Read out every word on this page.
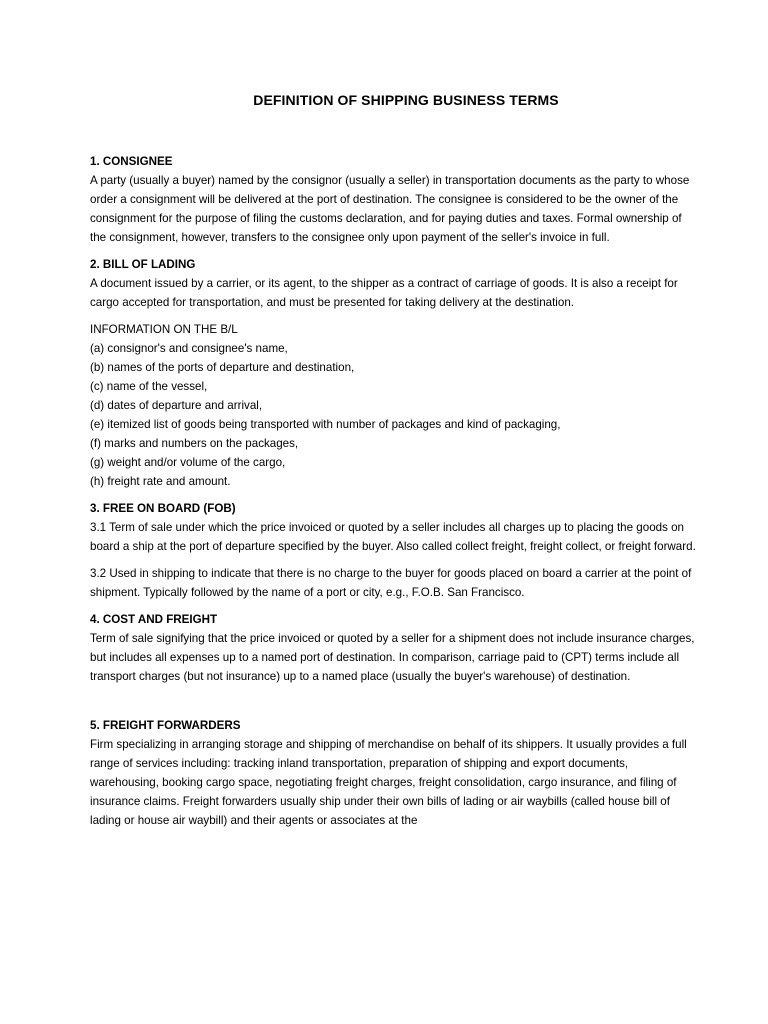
DEFINITION OF SHIPPING BUSINESS TERMS
1. CONSIGNEE

A party (usually a buyer) named by the consignor (usually a seller) in transportation documents as the party to whose order a consignment will be delivered at the port of destination. The consignee is considered to be the owner of the consignment for the purpose of filing the customs declaration, and for paying duties and taxes. Formal ownership of the consignment, however, transfers to the consignee only upon payment of the seller's invoice in full.

2. BILL OF LADING

A document issued by a carrier, or its agent, to the shipper as a contract of carriage of goods. It is also a receipt for cargo accepted for transportation, and must be presented for taking delivery at the destination.

INFORMATION ON THE B/L
(a) consignor's and consignee's name,
(b) names of the ports of departure and destination,
(c) name of the vessel,
(d) dates of departure and arrival,
(e) itemized list of goods being transported with number of packages and kind of packaging,
(f) marks and numbers on the packages,
(g) weight and/or volume of the cargo,
(h) freight rate and amount.
3. FREE ON BOARD (FOB)

3.1 Term of sale under which the price invoiced or quoted by a seller includes all charges up to placing the goods on board a ship at the port of departure specified by the buyer. Also called collect freight, freight collect, or freight forward.

3.2 Used in shipping to indicate that there is no charge to the buyer for goods placed on board a carrier at the point of shipment. Typically followed by the name of a port or city, e.g., F.O.B. San Francisco.

4. COST AND FREIGHT

Term of sale signifying that the price invoiced or quoted by a seller for a shipment does not include insurance charges, but includes all expenses up to a named port of destination. In comparison, carriage paid to (CPT) terms include all transport charges (but not insurance) up to a named place (usually the buyer's warehouse) of destination.

5. FREIGHT FORWARDERS

Firm specializing in arranging storage and shipping of merchandise on behalf of its shippers. It usually provides a full range of services including: tracking inland transportation, preparation of shipping and export documents, warehousing, booking cargo space, negotiating freight charges, freight consolidation, cargo insurance, and filing of insurance claims. Freight forwarders usually ship under their own bills of lading or air waybills (called house bill of lading or house air waybill) and their agents or associates at the
